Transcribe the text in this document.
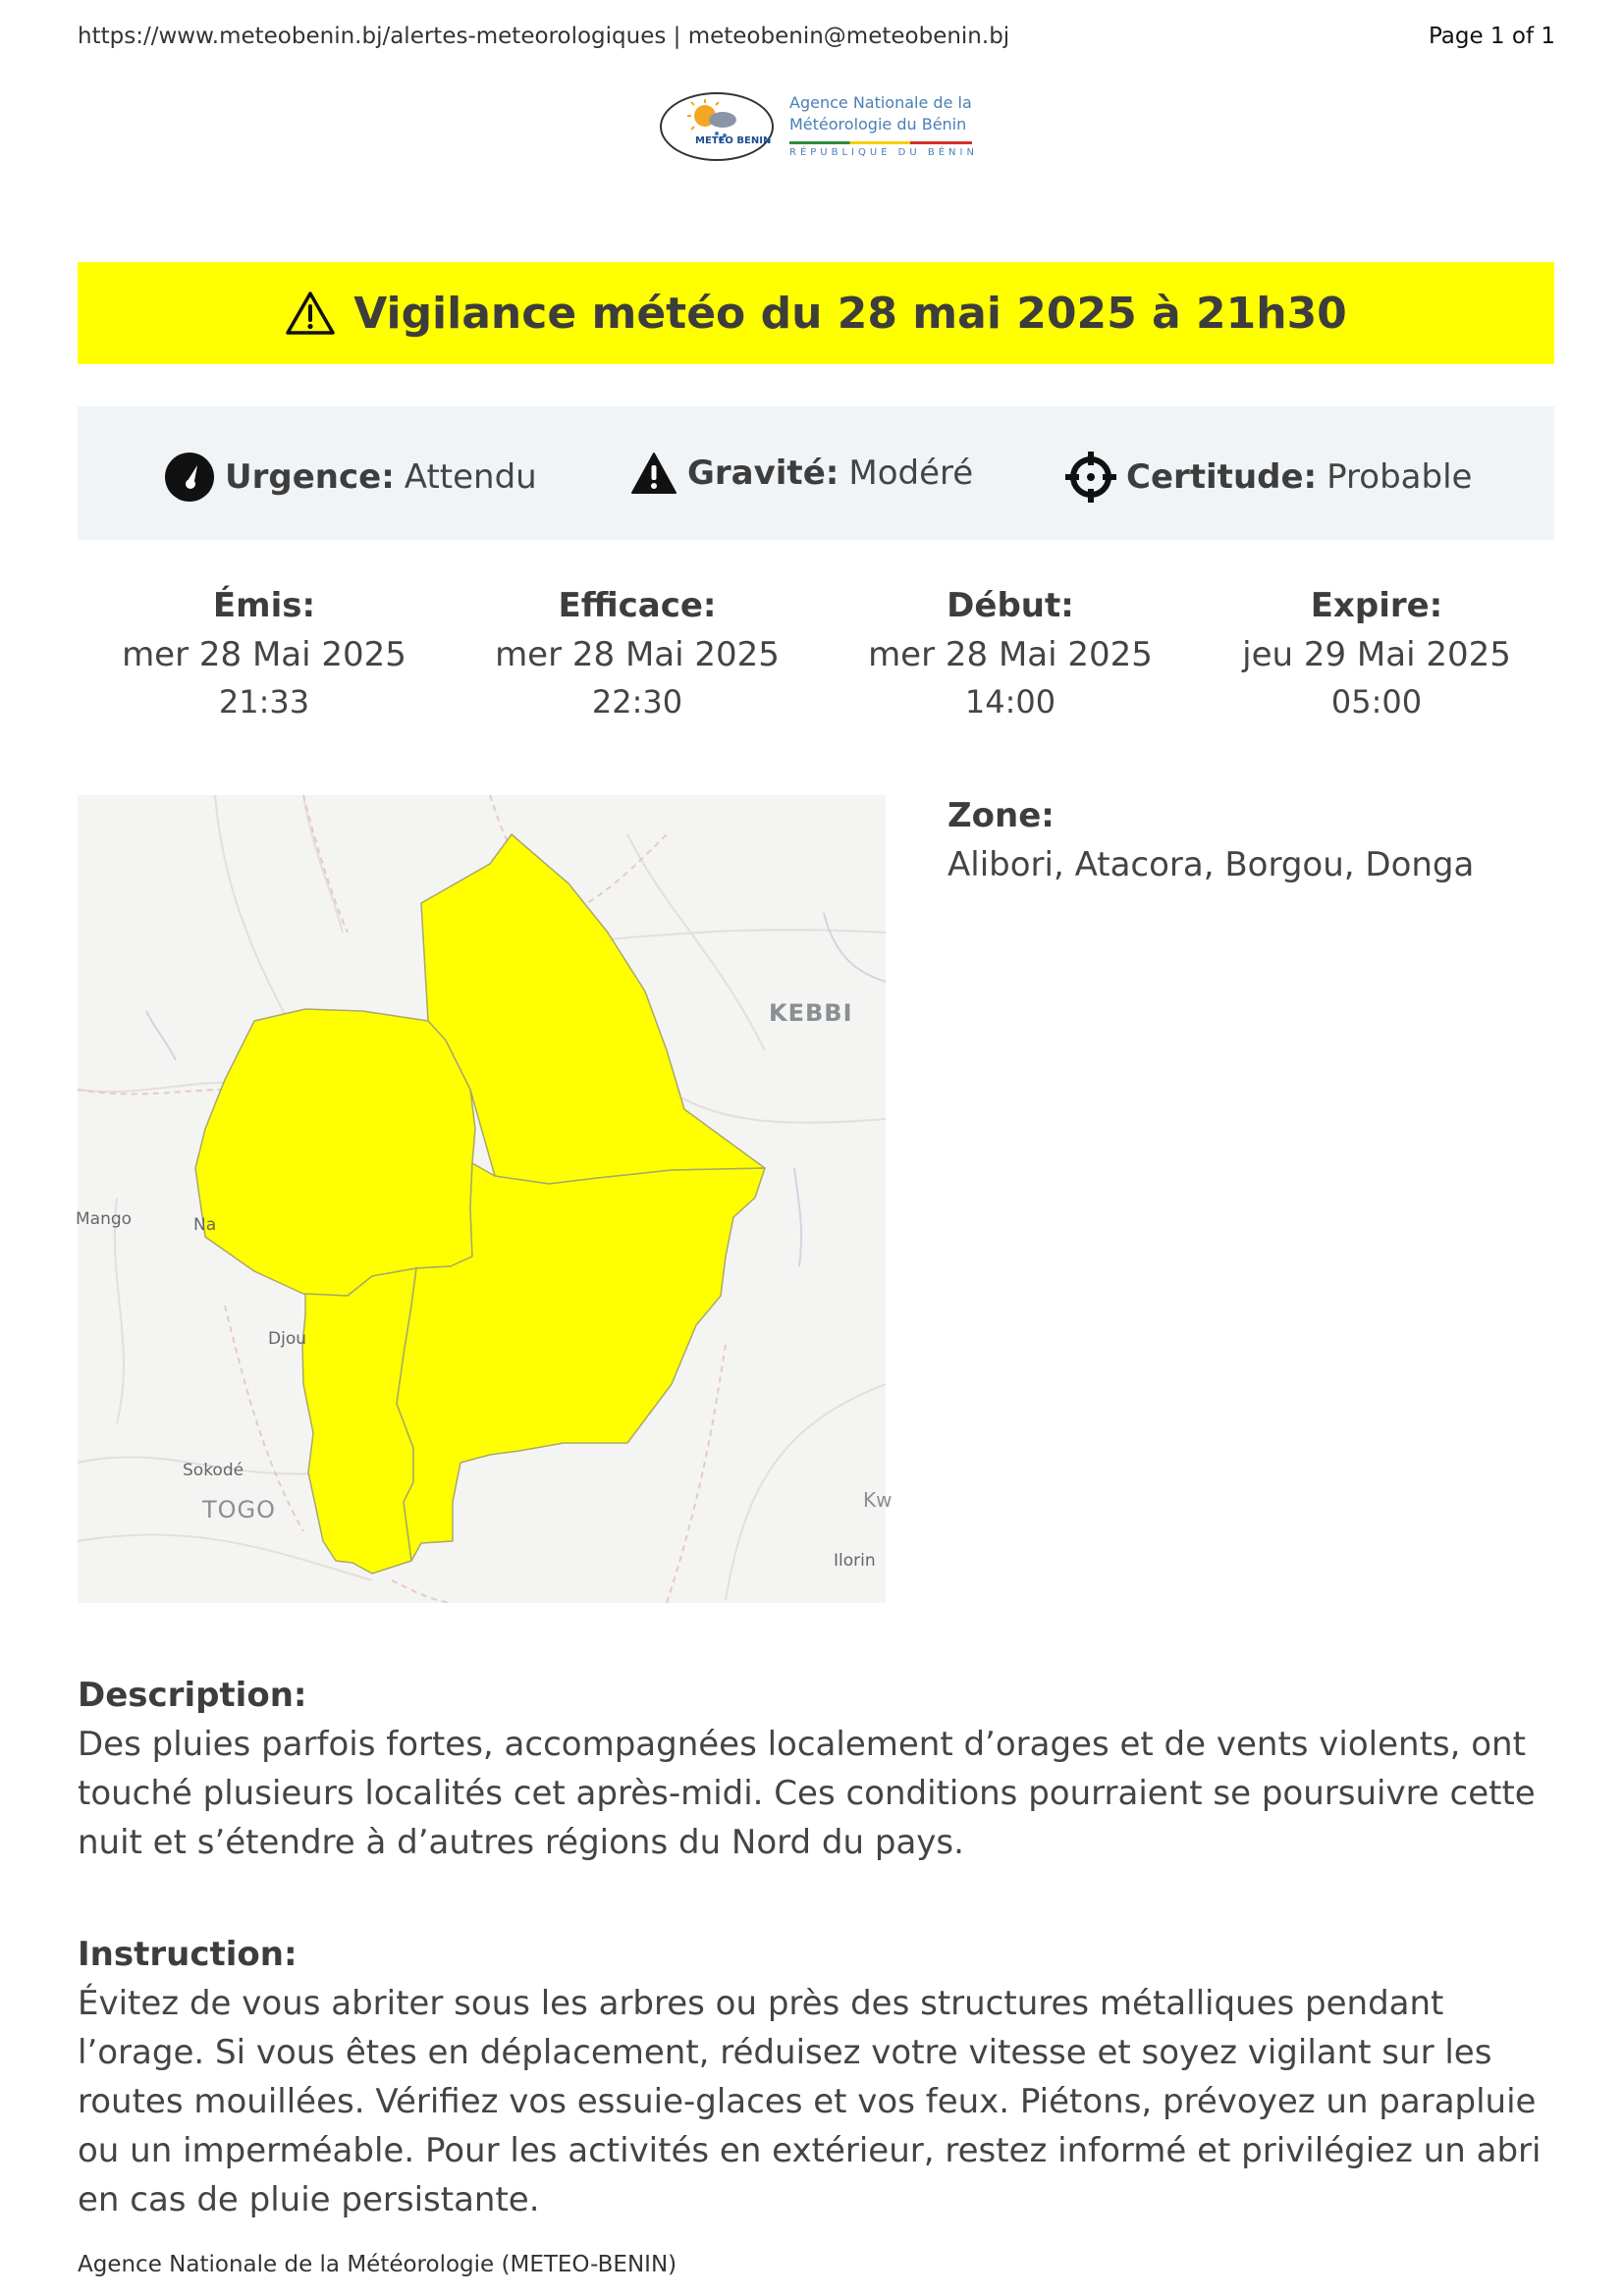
https://www.meteobenin.bj/alertes-meteorologiques | meteobenin@meteobenin.bj	Page 1 of 1
METEO BENIN
Agence Nationale de la
Météorologie du Bénin
RÉPUBLIQUE DU BÉNIN
Vigilance météo du 28 mai 2025 à 21h30
Urgence: Attendu	Gravité: Modéré	Certitude: Probable
Émis:
mer 28 Mai 2025
21:33
Efficace:
mer 28 Mai 2025
22:30
Début:
mer 28 Mai 2025
14:00
Expire:
jeu 29 Mai 2025
05:00
KEBBI
Mango	Na
Djou
Sokodé
TOGO	Kw
Ilorin
Zone:
Alibori, Atacora, Borgou, Donga
Description:
Des pluies parfois fortes, accompagnées localement d’orages et de vents violents, ont touché plusieurs localités cet après-midi. Ces conditions pourraient se poursuivre cette nuit et s’étendre à d’autres régions du Nord du pays.
Instruction:
Évitez de vous abriter sous les arbres ou près des structures métalliques pendant l’orage. Si vous êtes en déplacement, réduisez votre vitesse et soyez vigilant sur les routes mouillées. Vérifiez vos essuie-glaces et vos feux. Piétons, prévoyez un parapluie ou un imperméable. Pour les activités en extérieur, restez informé et privilégiez un abri en cas de pluie persistante.
Agence Nationale de la Météorologie (METEO-BENIN)
